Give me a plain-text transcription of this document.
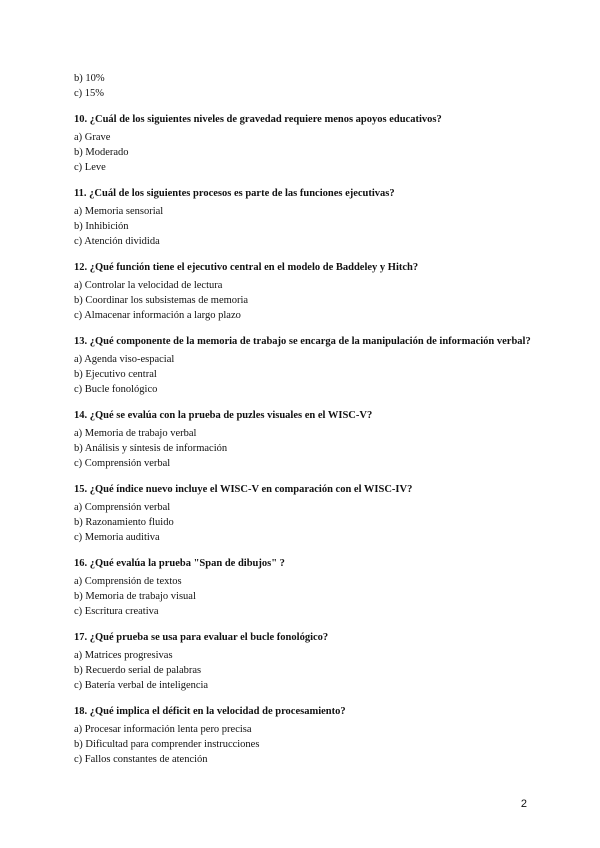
b) 10%

c) 15%

10. ¿Cuál de los siguientes niveles de gravedad requiere menos apoyos educativos?

a) Grave

b) Moderado

c) Leve

11. ¿Cuál de los siguientes procesos es parte de las funciones ejecutivas?

a) Memoria sensorial

b) Inhibición

c) Atención dividida

12. ¿Qué función tiene el ejecutivo central en el modelo de Baddeley y Hitch?

a) Controlar la velocidad de lectura

b) Coordinar los subsistemas de memoria

c) Almacenar información a largo plazo

13. ¿Qué componente de la memoria de trabajo se encarga de la manipulación de información verbal?

a) Agenda viso-espacial

b) Ejecutivo central

c) Bucle fonológico

14. ¿Qué se evalúa con la prueba de puzles visuales en el WISC-V?

a) Memoria de trabajo verbal

b) Análisis y síntesis de información

c) Comprensión verbal

15. ¿Qué índice nuevo incluye el WISC-V en comparación con el WISC-IV?

a) Comprensión verbal

b) Razonamiento fluido

c) Memoria auditiva

16. ¿Qué evalúa la prueba "Span de dibujos" ?

a) Comprensión de textos

b) Memoria de trabajo visual

c) Escritura creativa

17. ¿Qué prueba se usa para evaluar el bucle fonológico?

a) Matrices progresivas

b) Recuerdo serial de palabras

c) Batería verbal de inteligencia

18. ¿Qué implica el déficit en la velocidad de procesamiento?

a) Procesar información lenta pero precisa

b) Dificultad para comprender instrucciones

c) Fallos constantes de atención

2
